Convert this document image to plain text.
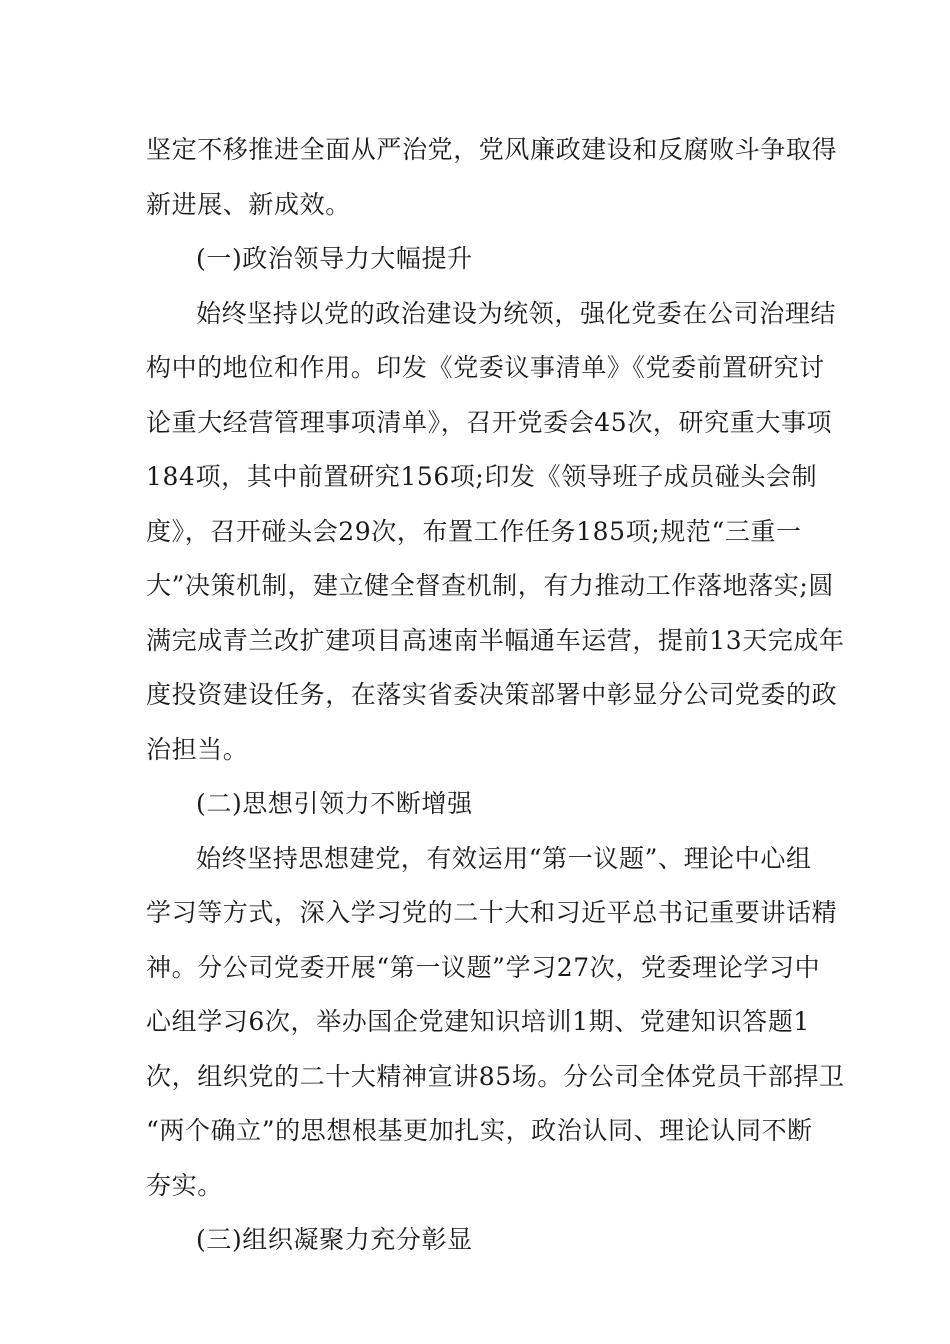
坚定不移推进全面从严治党，党风廉政建设和反腐败斗争取得
新进展、新成效。
(一)政治领导力大幅提升
始终坚持以党的政治建设为统领，强化党委在公司治理结
构中的地位和作用。印发《党委议事清单》《党委前置研究讨
论重大经营管理事项清单》，召开党委会45次，研究重大事项
184项，其中前置研究156项;印发《领导班子成员碰头会制
度》，召开碰头会29次，布置工作任务185项;规范“三重一
大”决策机制，建立健全督查机制，有力推动工作落地落实;圆
满完成青兰改扩建项目高速南半幅通车运营，提前13天完成年
度投资建设任务，在落实省委决策部署中彰显分公司党委的政
治担当。
(二)思想引领力不断增强
始终坚持思想建党，有效运用“第一议题”、理论中心组
学习等方式，深入学习党的二十大和习近平总书记重要讲话精
神。分公司党委开展“第一议题”学习27次，党委理论学习中
心组学习6次，举办国企党建知识培训1期、党建知识答题1
次，组织党的二十大精神宣讲85场。分公司全体党员干部捍卫
“两个确立”的思想根基更加扎实，政治认同、理论认同不断
夯实。
(三)组织凝聚力充分彰显
